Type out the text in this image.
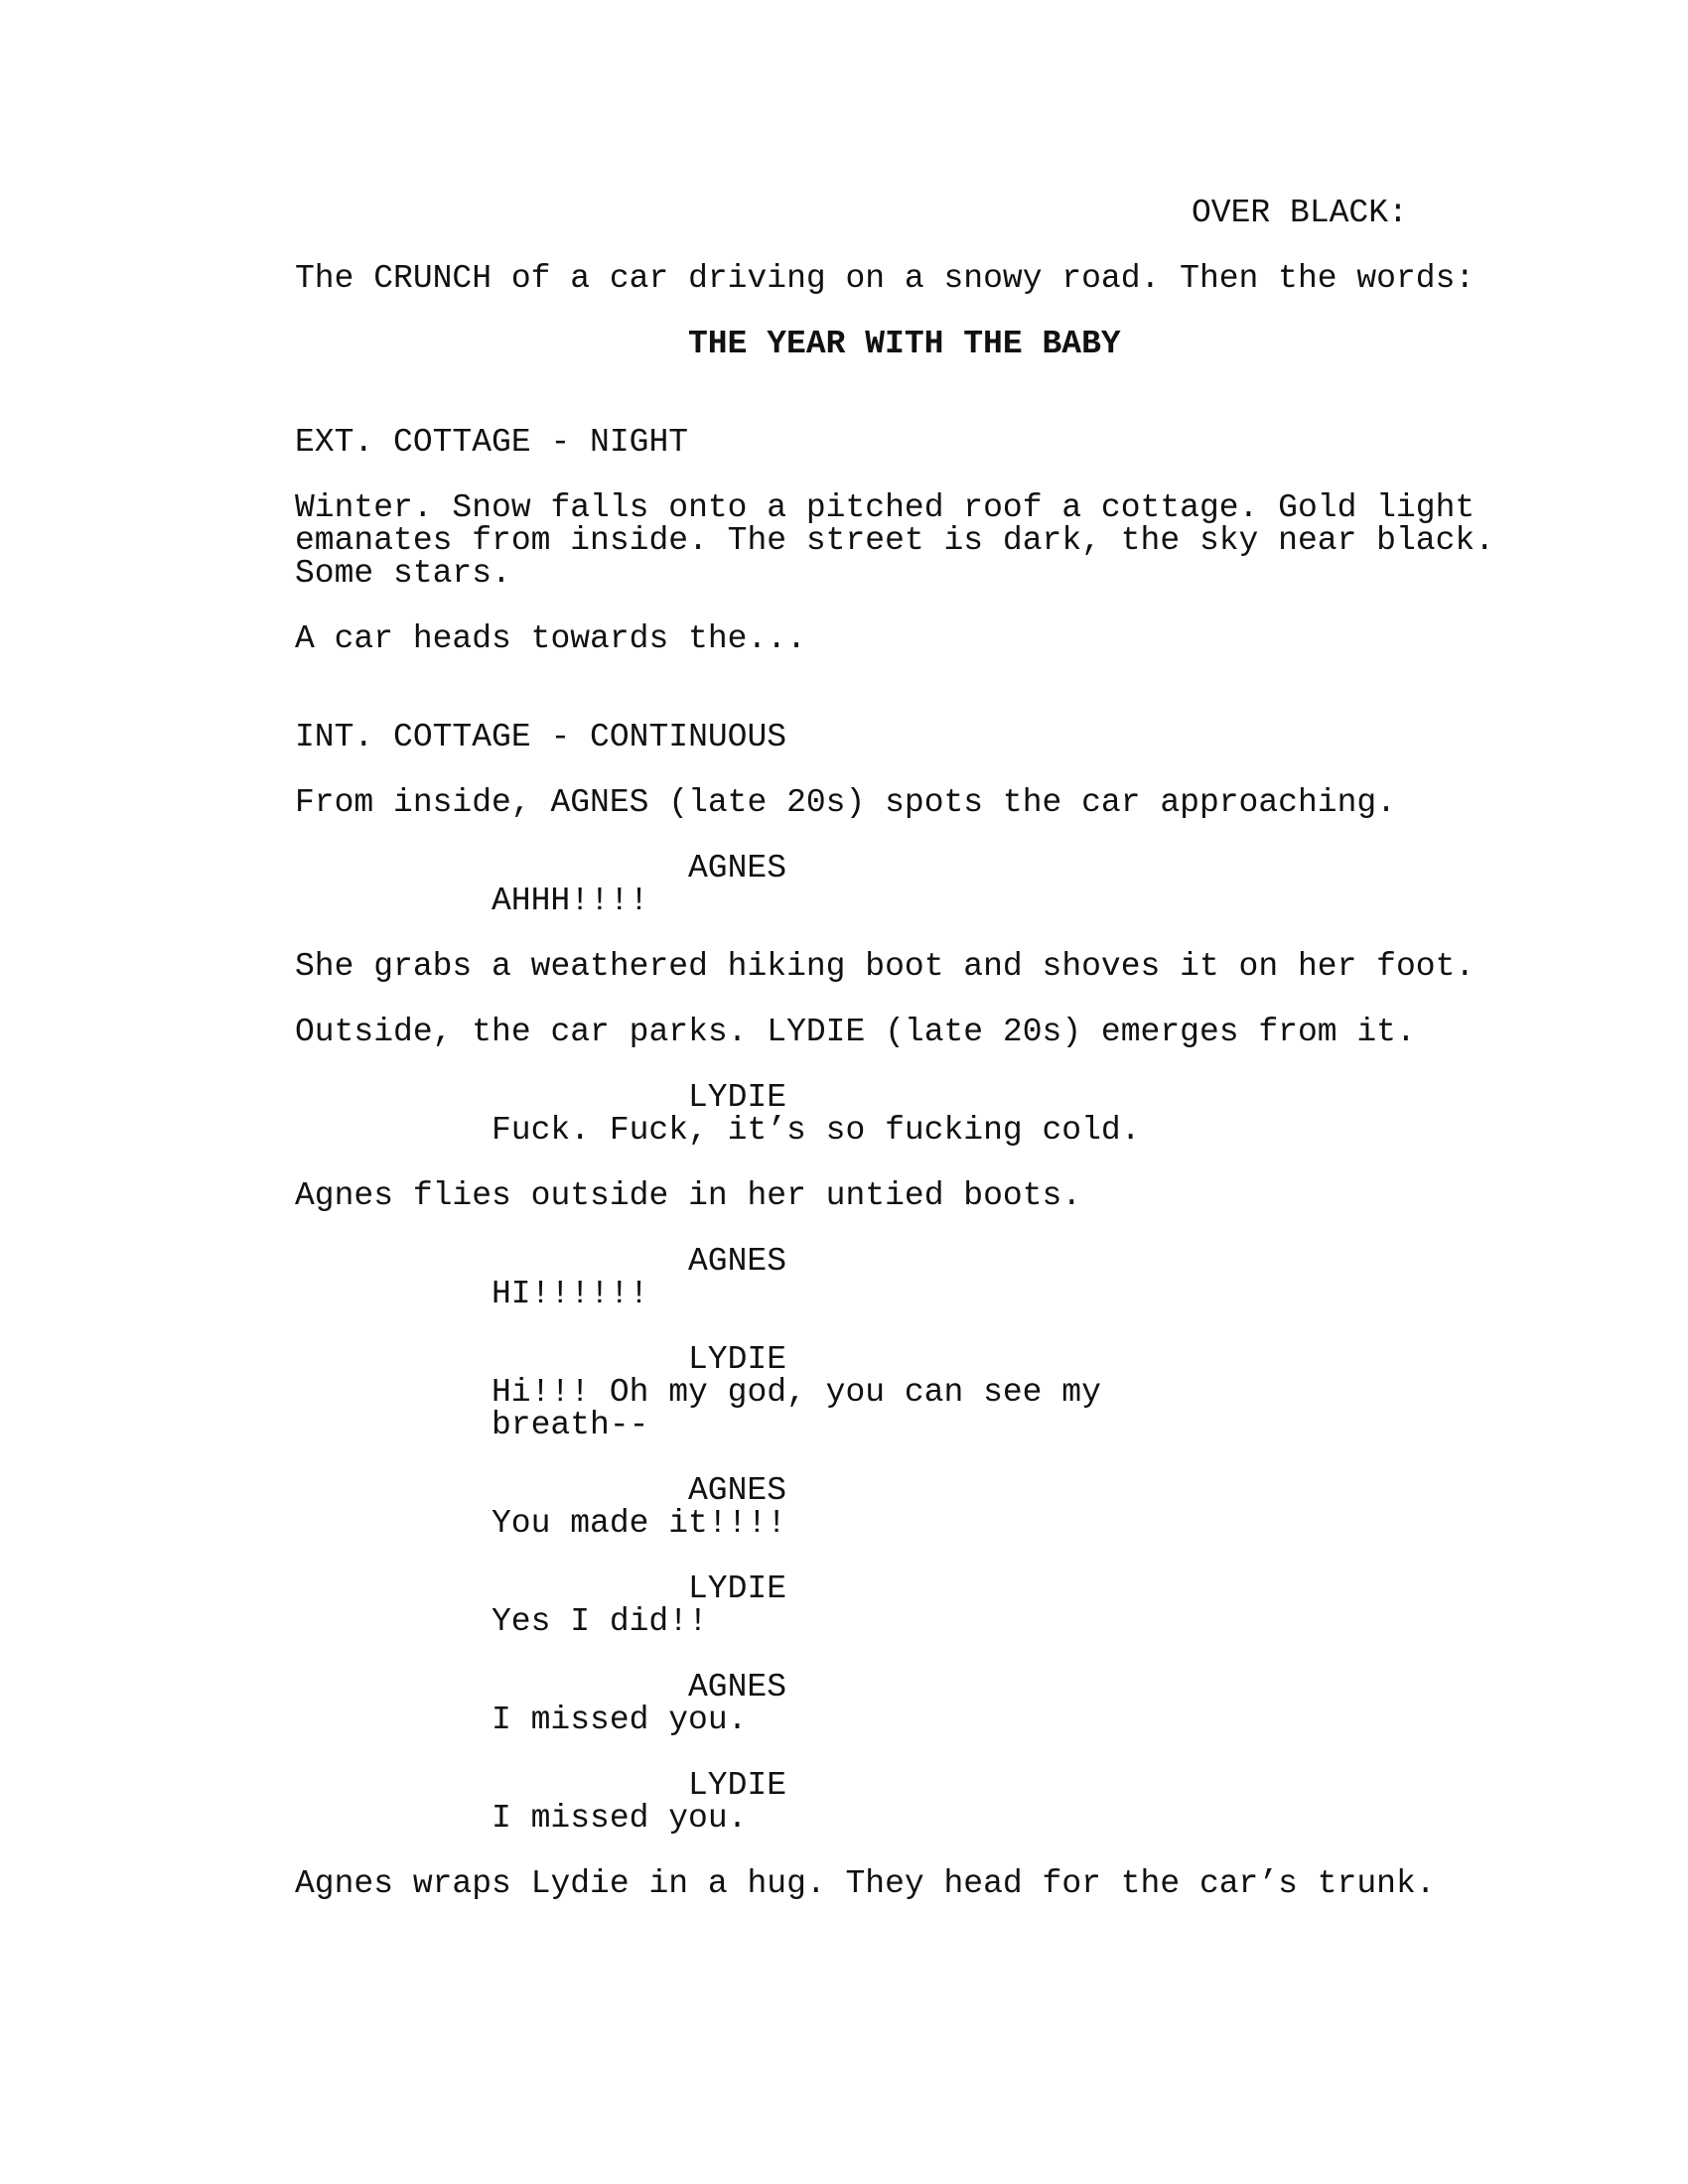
OVER BLACK:

The CRUNCH of a car driving on a snowy road. Then the words:

THE YEAR WITH THE BABY

EXT. COTTAGE - NIGHT

Winter. Snow falls onto a pitched roof a cottage. Gold light

emanates from inside. The street is dark, the sky near black.

Some stars.

A car heads towards the...

INT. COTTAGE - CONTINUOUS

From inside, AGNES (late 20s) spots the car approaching.

AGNES

AHHH!!!!

She grabs a weathered hiking boot and shoves it on her foot.

Outside, the car parks. LYDIE (late 20s) emerges from it.

LYDIE

Fuck. Fuck, it’s so fucking cold.

Agnes flies outside in her untied boots.

AGNES

HI!!!!!!

LYDIE

Hi!!! Oh my god, you can see my

breath--

AGNES

You made it!!!!

LYDIE

Yes I did!!

AGNES

I missed you.

LYDIE

I missed you.

Agnes wraps Lydie in a hug. They head for the car’s trunk.
